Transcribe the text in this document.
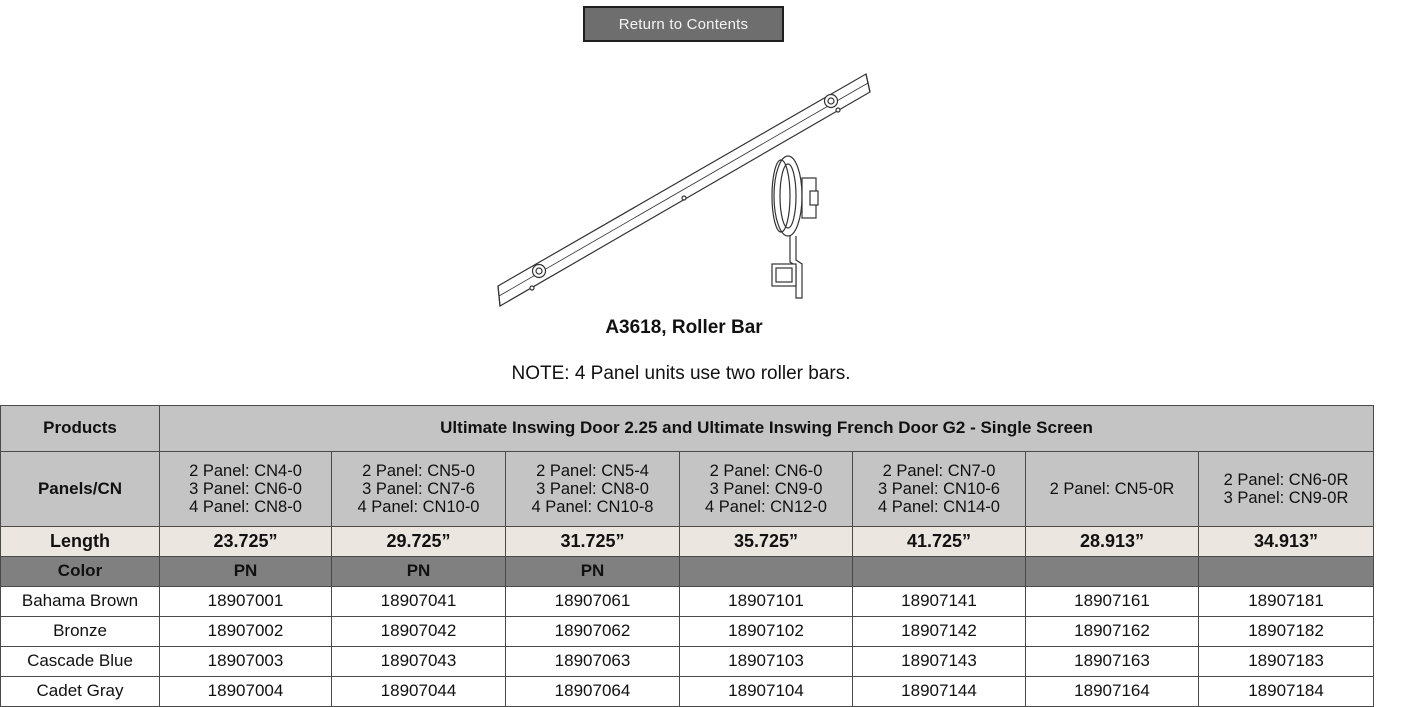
Return to Contents
A3618, Roller Bar
NOTE: 4 Panel units use two roller bars.
Products	Ultimate Inswing Door 2.25 and Ultimate Inswing French Door G2 - Single Screen						
Panels/CN	2 Panel: CN4-0
3 Panel: CN6-0
4 Panel: CN8-0	2 Panel: CN5-0
3 Panel: CN7-6
4 Panel: CN10-0	2 Panel: CN5-4
3 Panel: CN8-0
4 Panel: CN10-8	2 Panel: CN6-0
3 Panel: CN9-0
4 Panel: CN12-0	2 Panel: CN7-0
3 Panel: CN10-6
4 Panel: CN14-0	2 Panel: CN5-0R	2 Panel: CN6-0R
3 Panel: CN9-0R

Length	23.725”	29.725”	31.725”	35.725”	41.725”	28.913”	34.913”
Color	PN	PN	PN				
Bahama Brown	18907001	18907041	18907061	18907101	18907141	18907161	18907181
Bronze	18907002	18907042	18907062	18907102	18907142	18907162	18907182
Cascade Blue	18907003	18907043	18907063	18907103	18907143	18907163	18907183
Cadet Gray	18907004	18907044	18907064	18907104	18907144	18907164	18907184
